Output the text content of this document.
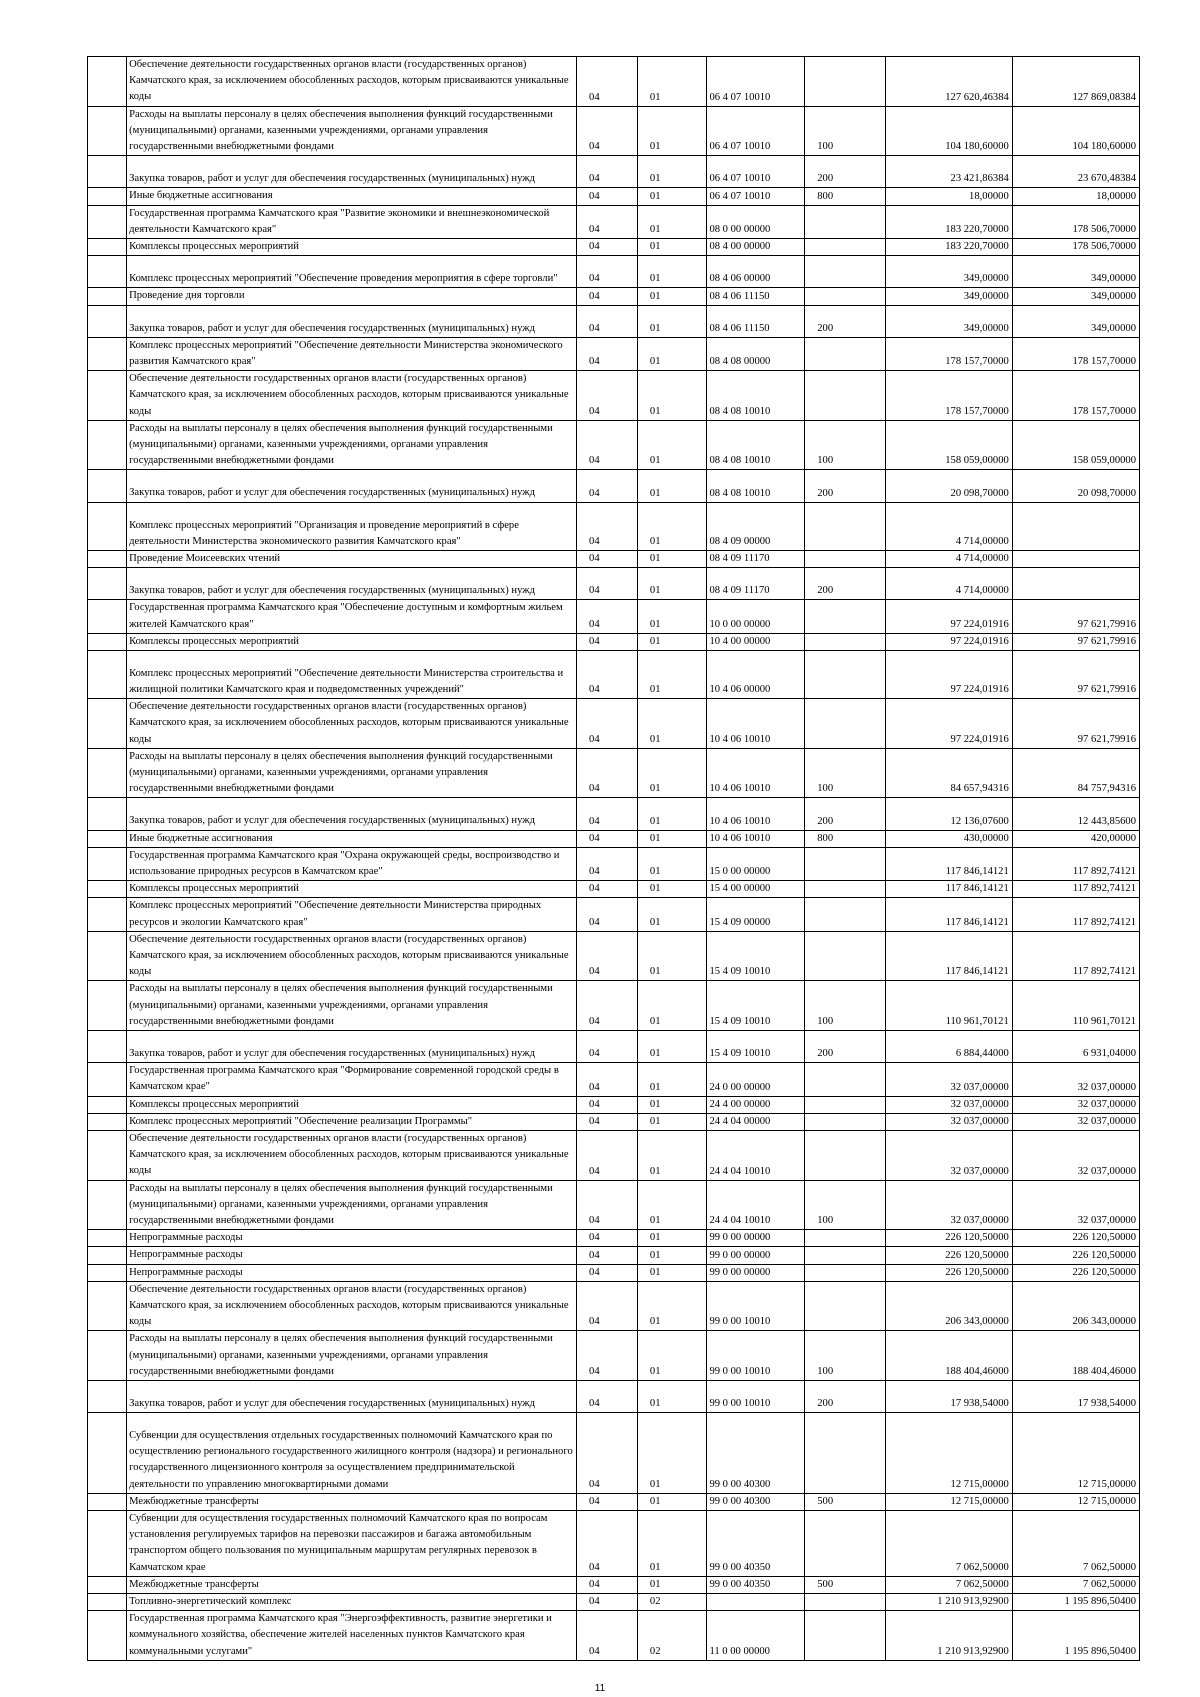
	Обеспечение деятельности государственных органов власти (государственных органов) Камчатского края, за исключением обособленных расходов, которым присваиваются уникальные коды	04	01	06 4 07 10010		127 620,46384	127 869,08384
	Расходы на выплаты персоналу в целях обеспечения выполнения функций государственными (муниципальными) органами, казенными учреждениями, органами управления государственными внебюджетными фондами	04	01	06 4 07 10010	100	104 180,60000	104 180,60000
	Закупка товаров, работ и услуг для обеспечения государственных (муниципальных) нужд	04	01	06 4 07 10010	200	23 421,86384	23 670,48384
	Иные бюджетные ассигнования	04	01	06 4 07 10010	800	18,00000	18,00000
	Государственная программа Камчатского края "Развитие экономики и внешнеэкономической деятельности Камчатского края"	04	01	08 0 00 00000		183 220,70000	178 506,70000
	Комплексы процессных мероприятий	04	01	08 4 00 00000		183 220,70000	178 506,70000
	Комплекс процессных мероприятий "Обеспечение проведения мероприятия в сфере торговли"	04	01	08 4 06 00000		349,00000	349,00000
	Проведение дня торговли	04	01	08 4 06 11150		349,00000	349,00000
	Закупка товаров, работ и услуг для обеспечения государственных (муниципальных) нужд	04	01	08 4 06 11150	200	349,00000	349,00000
	Комплекс процессных мероприятий "Обеспечение деятельности Министерства экономического развития Камчатского края"	04	01	08 4 08 00000		178 157,70000	178 157,70000
	Обеспечение деятельности государственных органов власти (государственных органов) Камчатского края, за исключением обособленных расходов, которым присваиваются уникальные коды	04	01	08 4 08 10010		178 157,70000	178 157,70000
	Расходы на выплаты персоналу в целях обеспечения выполнения функций государственными (муниципальными) органами, казенными учреждениями, органами управления государственными внебюджетными фондами	04	01	08 4 08 10010	100	158 059,00000	158 059,00000
	Закупка товаров, работ и услуг для обеспечения государственных (муниципальных) нужд	04	01	08 4 08 10010	200	20 098,70000	20 098,70000
	Комплекс процессных мероприятий "Организация и проведение мероприятий в сфере деятельности Министерства экономического развития Камчатского края"	04	01	08 4 09 00000		4 714,00000	
	Проведение Моисеевских чтений	04	01	08 4 09 11170		4 714,00000	
	Закупка товаров, работ и услуг для обеспечения государственных (муниципальных) нужд	04	01	08 4 09 11170	200	4 714,00000	
	Государственная программа Камчатского края "Обеспечение доступным и комфортным жильем жителей Камчатского края"	04	01	10 0 00 00000		97 224,01916	97 621,79916
	Комплексы процессных мероприятий	04	01	10 4 00 00000		97 224,01916	97 621,79916
	Комплекс процессных мероприятий "Обеспечение деятельности Министерства строительства и жилищной политики Камчатского края и подведомственных учреждений"	04	01	10 4 06 00000		97 224,01916	97 621,79916
	Обеспечение деятельности государственных органов власти (государственных органов) Камчатского края, за исключением обособленных расходов, которым присваиваются уникальные коды	04	01	10 4 06 10010		97 224,01916	97 621,79916
	Расходы на выплаты персоналу в целях обеспечения выполнения функций государственными (муниципальными) органами, казенными учреждениями, органами управления государственными внебюджетными фондами	04	01	10 4 06 10010	100	84 657,94316	84 757,94316
	Закупка товаров, работ и услуг для обеспечения государственных (муниципальных) нужд	04	01	10 4 06 10010	200	12 136,07600	12 443,85600
	Иные бюджетные ассигнования	04	01	10 4 06 10010	800	430,00000	420,00000
	Государственная программа Камчатского края "Охрана окружающей среды, воспроизводство и использование природных ресурсов в Камчатском крае"	04	01	15 0 00 00000		117 846,14121	117 892,74121
	Комплексы процессных мероприятий	04	01	15 4 00 00000		117 846,14121	117 892,74121
	Комплекс процессных мероприятий "Обеспечение деятельности Министерства природных ресурсов и экологии Камчатского края"	04	01	15 4 09 00000		117 846,14121	117 892,74121
	Обеспечение деятельности государственных органов власти (государственных органов) Камчатского края, за исключением обособленных расходов, которым присваиваются уникальные коды	04	01	15 4 09 10010		117 846,14121	117 892,74121
	Расходы на выплаты персоналу в целях обеспечения выполнения функций государственными (муниципальными) органами, казенными учреждениями, органами управления государственными внебюджетными фондами	04	01	15 4 09 10010	100	110 961,70121	110 961,70121
	Закупка товаров, работ и услуг для обеспечения государственных (муниципальных) нужд	04	01	15 4 09 10010	200	6 884,44000	6 931,04000
	Государственная программа Камчатского края "Формирование современной городской среды в Камчатском крае"	04	01	24 0 00 00000		32 037,00000	32 037,00000
	Комплексы процессных мероприятий	04	01	24 4 00 00000		32 037,00000	32 037,00000
	Комплекс процессных мероприятий "Обеспечение реализации Программы"	04	01	24 4 04 00000		32 037,00000	32 037,00000
	Обеспечение деятельности государственных органов власти (государственных органов) Камчатского края, за исключением обособленных расходов, которым присваиваются уникальные коды	04	01	24 4 04 10010		32 037,00000	32 037,00000
	Расходы на выплаты персоналу в целях обеспечения выполнения функций государственными (муниципальными) органами, казенными учреждениями, органами управления государственными внебюджетными фондами	04	01	24 4 04 10010	100	32 037,00000	32 037,00000
	Непрограммные расходы	04	01	99 0 00 00000		226 120,50000	226 120,50000
	Непрограммные расходы	04	01	99 0 00 00000		226 120,50000	226 120,50000
	Непрограммные расходы	04	01	99 0 00 00000		226 120,50000	226 120,50000
	Обеспечение деятельности государственных органов власти (государственных органов) Камчатского края, за исключением обособленных расходов, которым присваиваются уникальные коды	04	01	99 0 00 10010		206 343,00000	206 343,00000
	Расходы на выплаты персоналу в целях обеспечения выполнения функций государственными (муниципальными) органами, казенными учреждениями, органами управления государственными внебюджетными фондами	04	01	99 0 00 10010	100	188 404,46000	188 404,46000
	Закупка товаров, работ и услуг для обеспечения государственных (муниципальных) нужд	04	01	99 0 00 10010	200	17 938,54000	17 938,54000
	Субвенции для осуществления отдельных государственных полномочий Камчатского края по осуществлению регионального государственного жилищного контроля (надзора) и регионального государственного лицензионного контроля за осуществлением предпринимательской деятельности по управлению многоквартирными домами	04	01	99 0 00 40300		12 715,00000	12 715,00000
	Межбюджетные трансферты	04	01	99 0 00 40300	500	12 715,00000	12 715,00000
	Субвенции для осуществления государственных полномочий Камчатского края по вопросам установления регулируемых тарифов на перевозки пассажиров и багажа автомобильным транспортом общего пользования по муниципальным маршрутам регулярных перевозок в Камчатском крае	04	01	99 0 00 40350		7 062,50000	7 062,50000
	Межбюджетные трансферты	04	01	99 0 00 40350	500	7 062,50000	7 062,50000
	Топливно-энергетический комплекс	04	02			1 210 913,92900	1 195 896,50400
	Государственная программа Камчатского края "Энергоэффективность, развитие энергетики и коммунального хозяйства, обеспечение жителей населенных пунктов Камчатского края коммунальными услугами"	04	02	11 0 00 00000		1 210 913,92900	1 195 896,50400
11
